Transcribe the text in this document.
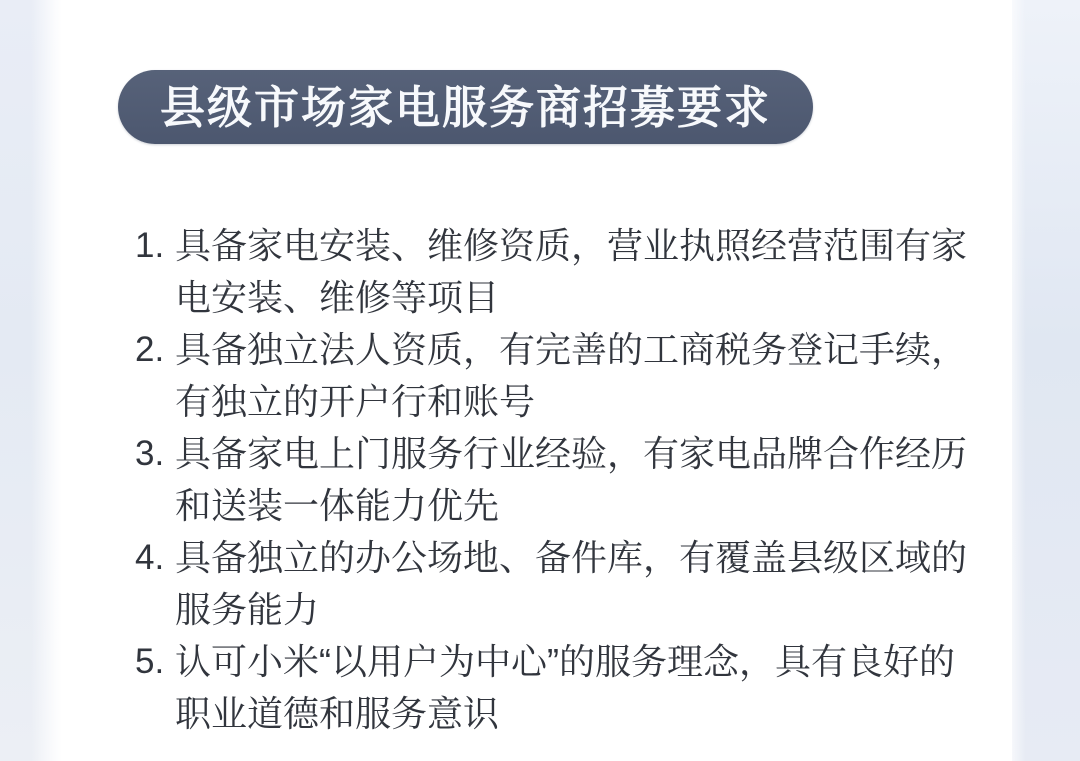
县级市场家电服务商招募要求
1. 具备家电安装、维修资质，营业执照经营范围有家
电安装、维修等项目
2. 具备独立法人资质，有完善的工商税务登记手续，
有独立的开户行和账号
3. 具备家电上门服务行业经验，有家电品牌合作经历
和送装一体能力优先
4. 具备独立的办公场地、备件库，有覆盖县级区域的
服务能力
5. 认可小米“以用户为中心”的服务理念，具有良好的
职业道德和服务意识
